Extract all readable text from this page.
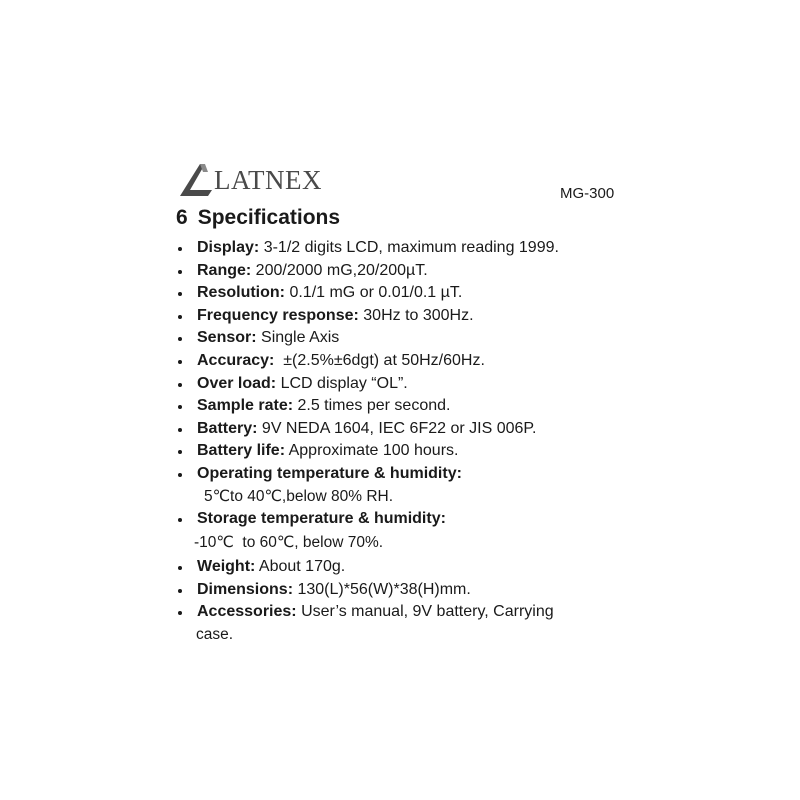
LATNEX	MG-300
6 Specifications
Display: 3-1/2 digits LCD, maximum reading 1999.
Range: 200/2000 mG,20/200µT.
Resolution: 0.1/1 mG or 0.01/0.1 µT.
Frequency response: 30Hz to 300Hz.
Sensor: Single Axis
Accuracy:  ±(2.5%±6dgt) at 50Hz/60Hz.
Over load: LCD display “OL”.
Sample rate: 2.5 times per second.
Battery: 9V NEDA 1604, IEC 6F22 or JIS 006P.
Battery life: Approximate 100 hours.
Operating temperature & humidity:
5℃to 40℃,below 80% RH.
Storage temperature & humidity:
-10℃  to 60℃, below 70%.
Weight: About 170g.
Dimensions: 130(L)*56(W)*38(H)mm.
Accessories: User’s manual, 9V battery, Carrying
case.
